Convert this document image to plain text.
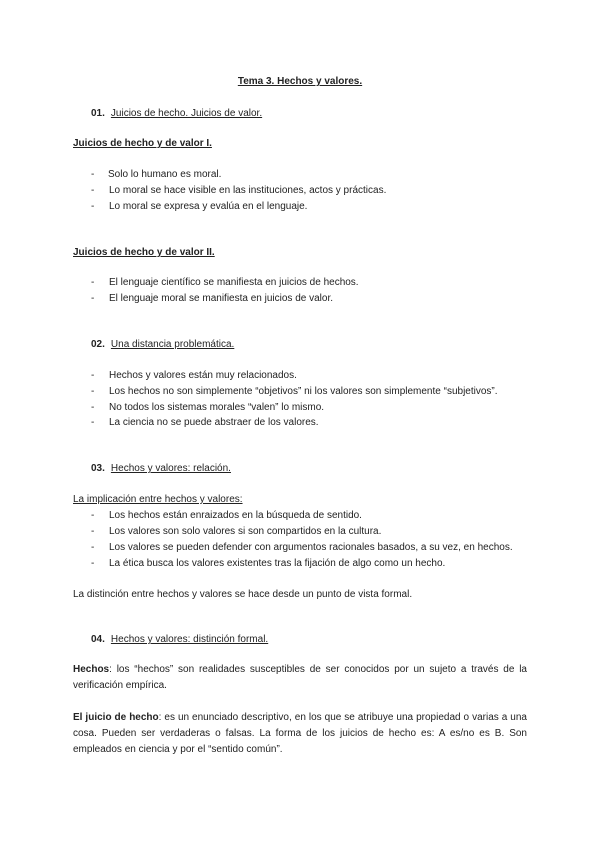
Tema 3. Hechos y valores.
01. Juicios de hecho. Juicios de valor.
Juicios de hecho y de valor I.
- Solo lo humano es moral.
- Lo moral se hace visible en las instituciones, actos y prácticas.
- Lo moral se expresa y evalúa en el lenguaje.
Juicios de hecho y de valor II.
- El lenguaje científico se manifiesta en juicios de hechos.
- El lenguaje moral se manifiesta en juicios de valor.
02. Una distancia problemática.
- Hechos y valores están muy relacionados.
- Los hechos no son simplemente “objetivos” ni los valores son simplemente “subjetivos”.
- No todos los sistemas morales “valen” lo mismo.
- La ciencia no se puede abstraer de los valores.
03. Hechos y valores: relación.
La implicación entre hechos y valores:
- Los hechos están enraizados en la búsqueda de sentido.
- Los valores son solo valores si son compartidos en la cultura.
- Los valores se pueden defender con argumentos racionales basados, a su vez, en hechos.
- La ética busca los valores existentes tras la fijación de algo como un hecho.
La distinción entre hechos y valores se hace desde un punto de vista formal.
04. Hechos y valores: distinción formal.
Hechos: los “hechos” son realidades susceptibles de ser conocidos por un sujeto a través de la verificación empírica.
El juicio de hecho: es un enunciado descriptivo, en los que se atribuye una propiedad o varias a una cosa. Pueden ser verdaderas o falsas. La forma de los juicios de hecho es: A es/no es B. Son empleados en ciencia y por el “sentido común”.
